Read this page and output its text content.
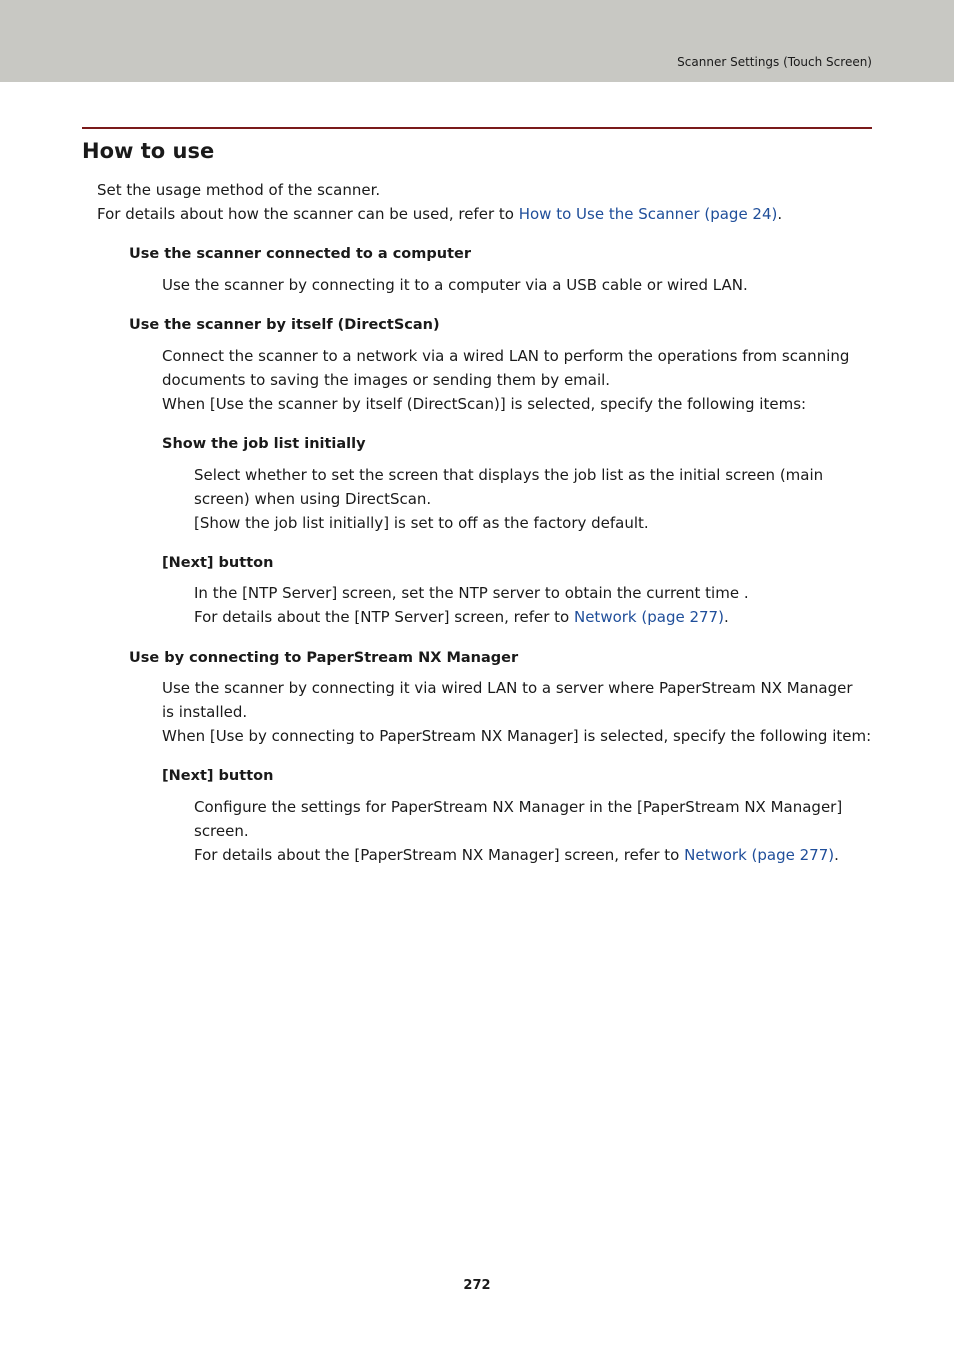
Scanner Settings (Touch Screen)
How to use

Set the usage method of the scanner.

For details about how the scanner can be used, refer to How to Use the Scanner (page 24).

Use the scanner connected to a computer

Use the scanner by connecting it to a computer via a USB cable or wired LAN.

Use the scanner by itself (DirectScan)

Connect the scanner to a network via a wired LAN to perform the operations from scanning documents to saving the images or sending them by email.

When [Use the scanner by itself (DirectScan)] is selected, specify the following items:

Show the job list initially

Select whether to set the screen that displays the job list as the initial screen (main screen) when using DirectScan.

[Show the job list initially] is set to off as the factory default.

[Next] button

In the [NTP Server] screen, set the NTP server to obtain the current time .

For details about the [NTP Server] screen, refer to Network (page 277).

Use by connecting to PaperStream NX Manager

Use the scanner by connecting it via wired LAN to a server where PaperStream NX Manager is installed.

When [Use by connecting to PaperStream NX Manager] is selected, specify the following item:

[Next] button

Configure the settings for PaperStream NX Manager in the [PaperStream NX Manager] screen.

For details about the [PaperStream NX Manager] screen, refer to Network (page 277).

272
